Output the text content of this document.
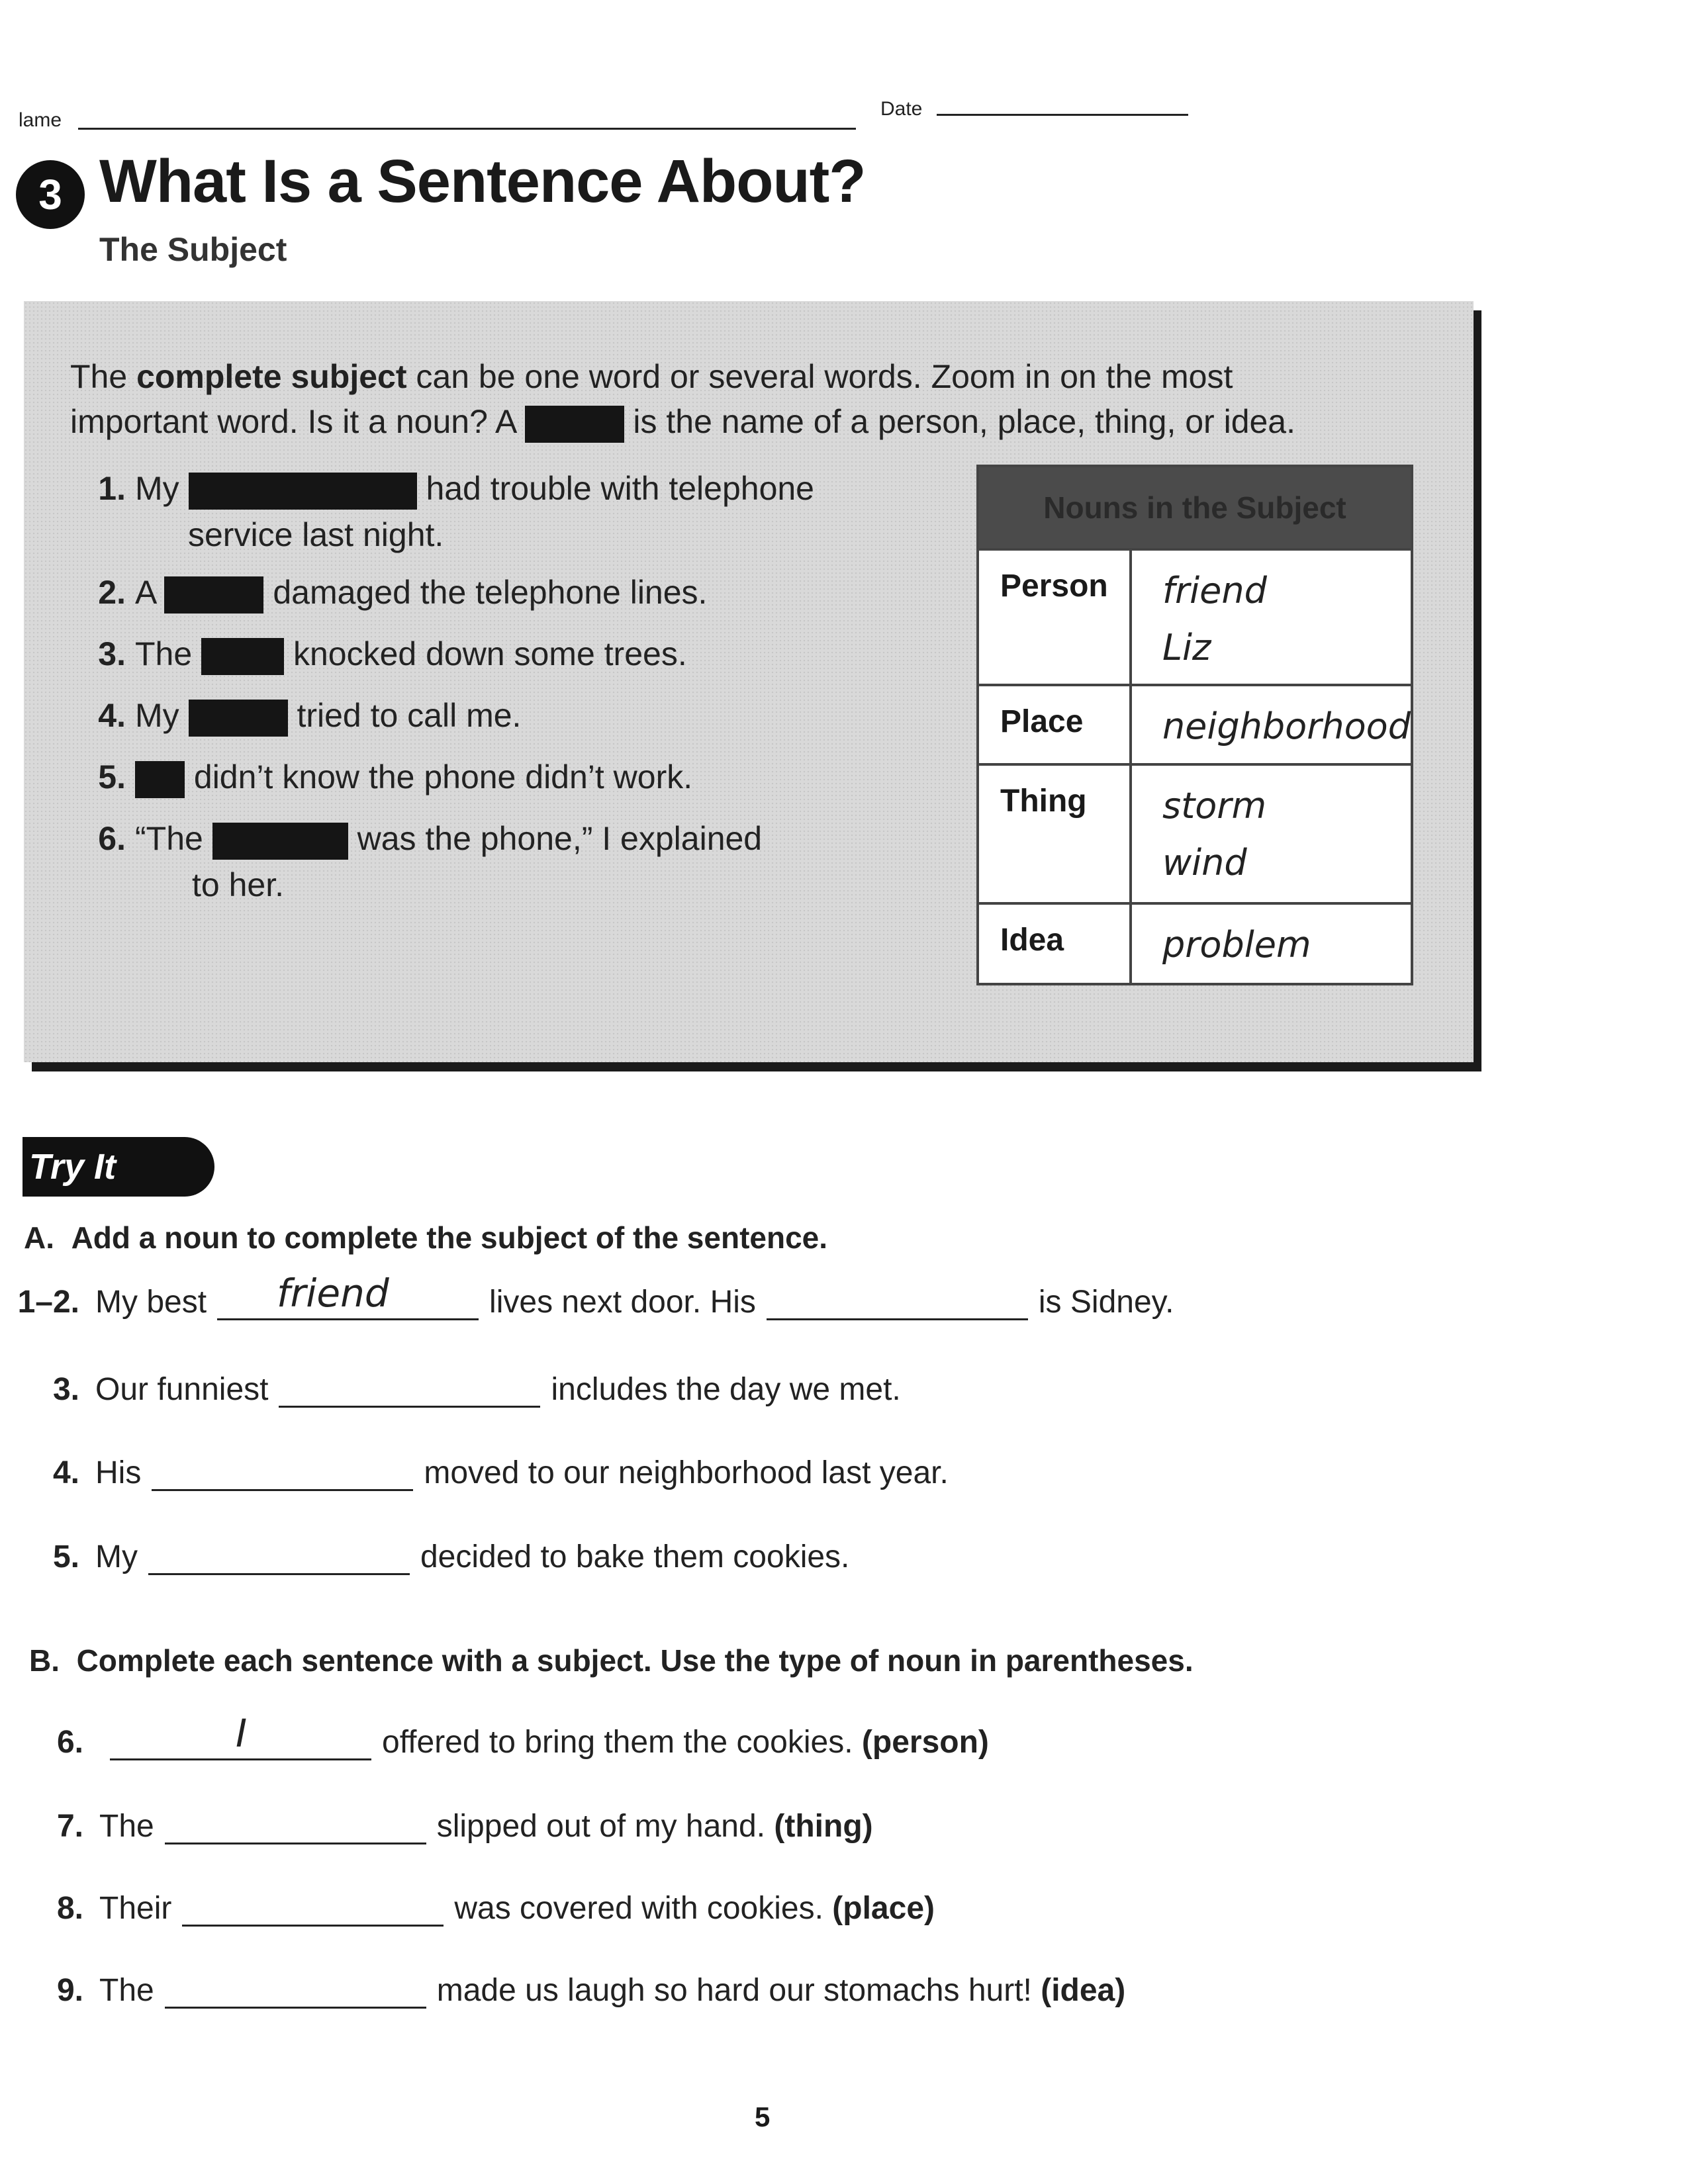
lame
Date
3 What Is a Sentence About?
The Subject
The complete subject can be one word or several words. Zoom in on the most
important word. Is it a noun? A	is the name of a person, place, thing, or idea.
1. My	had trouble with telephone
service last night.
2. A	damaged the telephone lines.
3. The	knocked down some trees.
4. My	tried to call me.
5. didn’t know the phone didn’t work.
6. “The	was the phone,” I explained
to her.
Nouns in the Subject	
Person	friend
Liz

Place	neighborhood

Thing	storm
wind

Idea	problem
Try It
A. Add a noun to complete the subject of the sentence.
1–2. My best friend	lives next door. His	is Sidney.
3. Our funniest	includes the day we met.
4. His	moved to our neighborhood last year.
5. My	decided to bake them cookies.
B. Complete each sentence with a subject. Use the type of noun in parentheses.
6.	I	offered to bring them the cookies.
(person)
7. The	slipped out of my hand.
(thing)
8. Their	was covered with cookies.
(place)
9. The	made us laugh so hard our stomachs hurt!
(idea)
5
